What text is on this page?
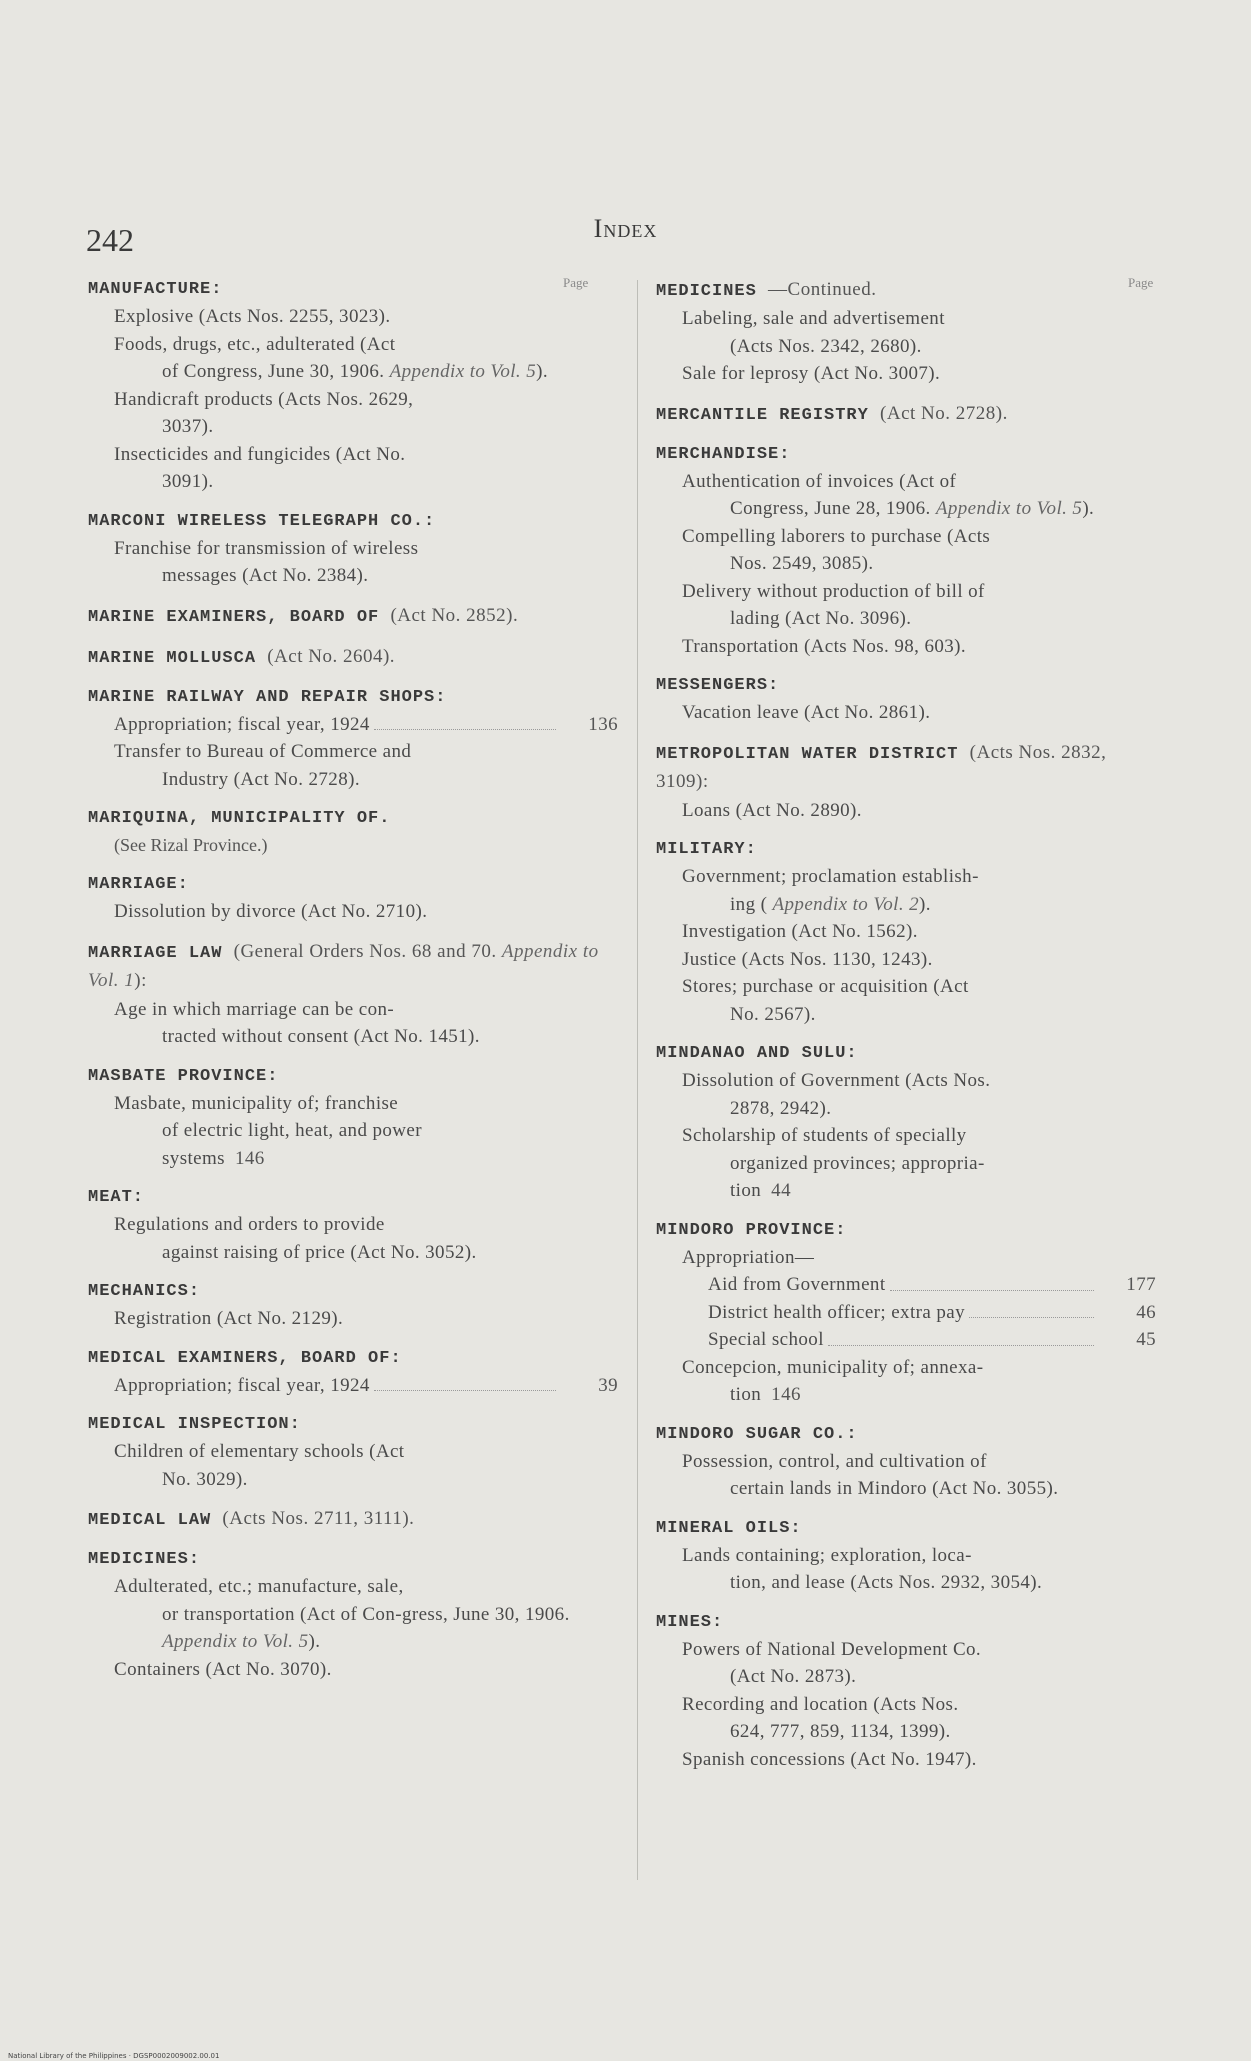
242	Index
Page	Page
MANUFACTURE:
Explosive (Acts Nos. 2255, 3023).
Foods, drugs, etc., adulterated (Act
of Congress, June 30, 1906. Appendix to Vol. 5).
Handicraft products (Acts Nos. 2629,
3037).
Insecticides and fungicides (Act No.
3091).
MARCONI WIRELESS TELEGRAPH CO.:
Franchise for transmission of wireless
messages (Act No. 2384).
MARINE EXAMINERS, BOARD OF (Act No. 2852).
MARINE MOLLUSCA (Act No. 2604).
MARINE RAILWAY AND REPAIR SHOPS:
Appropriation; fiscal year, 1924	136
Transfer to Bureau of Commerce and
Industry (Act No. 2728).
MARIQUINA, MUNICIPALITY OF.
(See Rizal Province.)
MARRIAGE:
Dissolution by divorce (Act No. 2710).
MARRIAGE LAW (General Orders Nos. 68 and 70. Appendix to Vol. 1):
Age in which marriage can be con-
tracted without consent (Act No. 1451).
MASBATE PROVINCE:
Masbate, municipality of; franchise
of electric light, heat, and power
systems 146
MEAT:
Regulations and orders to provide
against raising of price (Act No. 3052).
MECHANICS:
Registration (Act No. 2129).
MEDICAL EXAMINERS, BOARD OF:
Appropriation; fiscal year, 1924	39
MEDICAL INSPECTION:
Children of elementary schools (Act
No. 3029).
MEDICAL LAW (Acts Nos. 2711, 3111).
MEDICINES:
Adulterated, etc.; manufacture, sale,
or transportation (Act of Con-gress, June 30, 1906. Appendix to Vol. 5).
Containers (Act No. 3070).
MEDICINES —Continued.
Labeling, sale and advertisement
(Acts Nos. 2342, 2680).
Sale for leprosy (Act No. 3007).
MERCANTILE REGISTRY (Act No. 2728).
MERCHANDISE:
Authentication of invoices (Act of
Congress, June 28, 1906. Appendix to Vol. 5).
Compelling laborers to purchase (Acts
Nos. 2549, 3085).
Delivery without production of bill of
lading (Act No. 3096).
Transportation (Acts Nos. 98, 603).
MESSENGERS:
Vacation leave (Act No. 2861).
METROPOLITAN WATER DISTRICT (Acts Nos. 2832, 3109):
Loans (Act No. 2890).
MILITARY:
Government; proclamation establish-
ing ( Appendix to Vol. 2).
Investigation (Act No. 1562).
Justice (Acts Nos. 1130, 1243).
Stores; purchase or acquisition (Act
No. 2567).
MINDANAO AND SULU:
Dissolution of Government (Acts Nos.
2878, 2942).
Scholarship of students of specially
organized provinces; appropria-
tion 44
MINDORO PROVINCE:
Appropriation—
Aid from Government	177
District health officer; extra pay	46
Special school	45
Concepcion, municipality of; annexa-
tion 146
MINDORO SUGAR CO.:
Possession, control, and cultivation of
certain lands in Mindoro (Act No. 3055).
MINERAL OILS:
Lands containing; exploration, loca-
tion, and lease (Acts Nos. 2932, 3054).
MINES:
Powers of National Development Co.
(Act No. 2873).
Recording and location (Acts Nos.
624, 777, 859, 1134, 1399).
Spanish concessions (Act No. 1947).
National Library of the Philippines · DGSP0002009002.00.01
